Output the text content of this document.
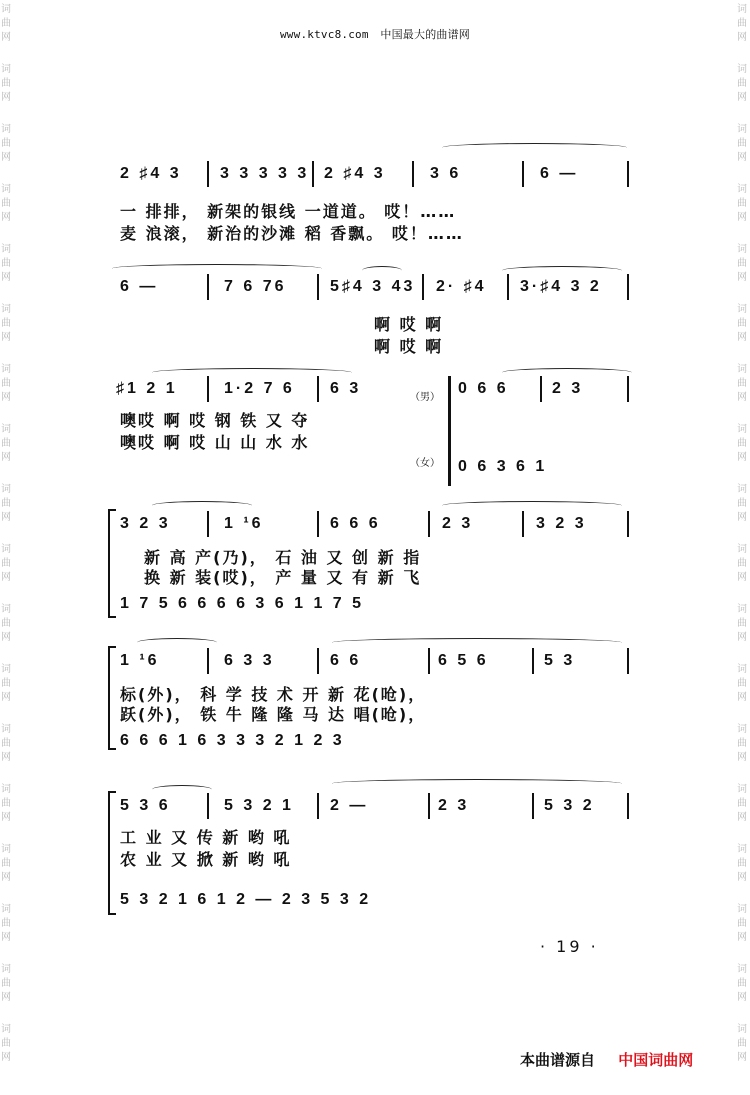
词
曲
网
词
曲
网
词
曲
网
词
曲
网
词
曲
网
词
曲
网
词
曲
网
词
曲
网
词
曲
网
词
曲
网
词
曲
网
词
曲
网
词
曲
网
词
曲
网
词
曲
网
词
曲
网
词
曲
网
词
曲
网
词
曲
网
词
曲
网
词
曲
网
词
曲
网
词
曲
网
词
曲
网
词
曲
网
词
曲
网
词
曲
网
词
曲
网
词
曲
网
词
曲
网
词
曲
网
词
曲
网
词
曲
网
词
曲
网
词
曲
网
词
曲
网
www.ktvc8.com 中国最大的曲谱网
2 ♯4 3 3 3 3 3 3 2 ♯4 3	3 6	6 —
一 排排， 新架的银线 一道道。 哎！……
麦 浪滚， 新治的沙滩 稻 香飘。 哎！……
6 —	7 6 76	5♯4 3 43 2· ♯4 3·♯4 3 2
啊 哎 啊
啊 哎 啊
♯1 2 1	1·2 7 6 6 3	0 6 6	2 3
（男）
（女）
噢哎 啊 哎 钢 铁 又 夺
噢哎 啊 哎 山 山 水 水
0 6 3 6 1
3 2 3	1 ¹6	6 6 6	2 3	3 2 3
新 高 产(乃)， 石 油 又 创 新 指
换 新 装(哎)， 产 量 又 有 新 飞
1 7 5 6 6 6 6 3 6 1 1 7 5
1 ¹6	6 3 3	6 6	6 5 6	5 3
标(外)， 科 学 技 术 开 新 花(呛)，
跃(外)， 铁 牛 隆 隆 马 达 唱(呛)，
6 6 6 1 6 3 3 3 2 1 2 3
5 3 6	5 3 2 1 2 —	2 3	5 3 2
工 业 又 传 新 哟 吼
农 业 又 掀 新 哟 吼
5 3 2 1 6 1 2 — 2 3 5 3 2
· 19 ·
本曲谱源自 中国词曲网
